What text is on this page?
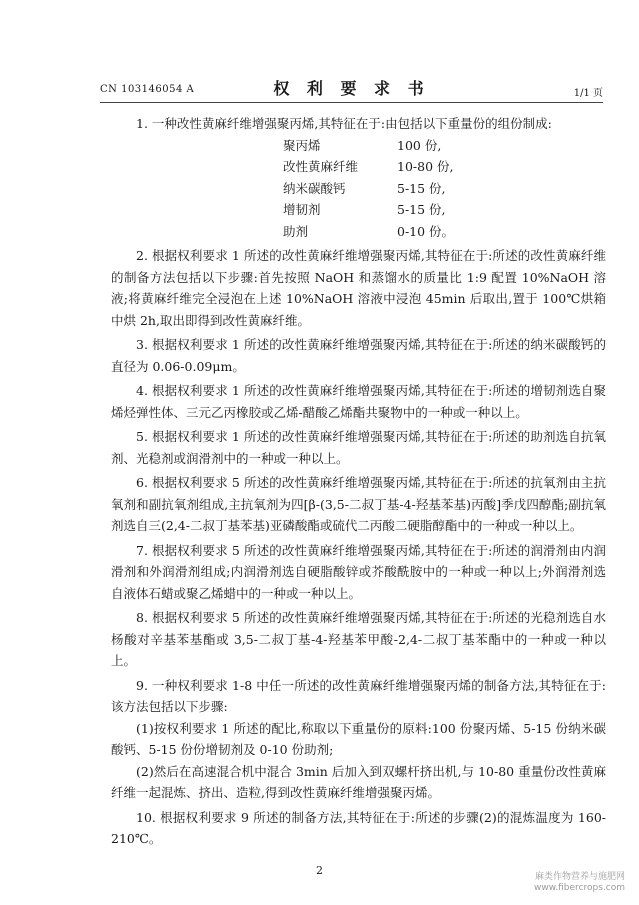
CN 103146054 A	权 利 要 求 书	1/1 页

1. 一种改性黄麻纤维增强聚丙烯,其特征在于:由包括以下重量份的组份制成:

聚丙烯	100 份,
改性黄麻纤维	10-80 份,
纳米碳酸钙	5-15 份,
增韧剂	5-15 份,
助剂	0-10 份。

2. 根据权利要求 1 所述的改性黄麻纤维增强聚丙烯,其特征在于:所述的改性黄麻纤维的制备方法包括以下步骤:首先按照 NaOH 和蒸馏水的质量比 1:9 配置 10%NaOH 溶液;将黄麻纤维完全浸泡在上述 10%NaOH 溶液中浸泡 45min 后取出,置于 100℃烘箱中烘 2h,取出即得到改性黄麻纤维。

3. 根据权利要求 1 所述的改性黄麻纤维增强聚丙烯,其特征在于:所述的纳米碳酸钙的直径为 0.06-0.09μm。

4. 根据权利要求 1 所述的改性黄麻纤维增强聚丙烯,其特征在于:所述的增韧剂选自聚烯烃弹性体、三元乙丙橡胶或乙烯-醋酸乙烯酯共聚物中的一种或一种以上。

5. 根据权利要求 1 所述的改性黄麻纤维增强聚丙烯,其特征在于:所述的助剂选自抗氧剂、光稳剂或润滑剂中的一种或一种以上。

6. 根据权利要求 5 所述的改性黄麻纤维增强聚丙烯,其特征在于:所述的抗氧剂由主抗氧剂和副抗氧剂组成,主抗氧剂为四[β-(3,5-二叔丁基-4-羟基苯基)丙酸]季戊四醇酯;副抗氧剂选自三(2,4-二叔丁基苯基)亚磷酸酯或硫代二丙酸二硬脂醇酯中的一种或一种以上。

7. 根据权利要求 5 所述的改性黄麻纤维增强聚丙烯,其特征在于:所述的润滑剂由内润滑剂和外润滑剂组成;内润滑剂选自硬脂酸锌或芥酸酰胺中的一种或一种以上;外润滑剂选自液体石蜡或聚乙烯蜡中的一种或一种以上。

8. 根据权利要求 5 所述的改性黄麻纤维增强聚丙烯,其特征在于:所述的光稳剂选自水杨酸对辛基苯基酯或 3,5-二叔丁基-4-羟基苯甲酸-2,4-二叔丁基苯酯中的一种或一种以上。

9. 一种权利要求 1-8 中任一所述的改性黄麻纤维增强聚丙烯的制备方法,其特征在于:该方法包括以下步骤:

(1)按权利要求 1 所述的配比,称取以下重量份的原料:100 份聚丙烯、5-15 份纳米碳酸钙、5-15 份份增韧剂及 0-10 份助剂;

(2)然后在高速混合机中混合 3min 后加入到双螺杆挤出机,与 10-80 重量份改性黄麻纤维一起混炼、挤出、造粒,得到改性黄麻纤维增强聚丙烯。

10. 根据权利要求 9 所述的制备方法,其特征在于:所述的步骤(2)的混炼温度为 160-210℃。

2	麻类作物营养与施肥网
www.fibercrops.com
